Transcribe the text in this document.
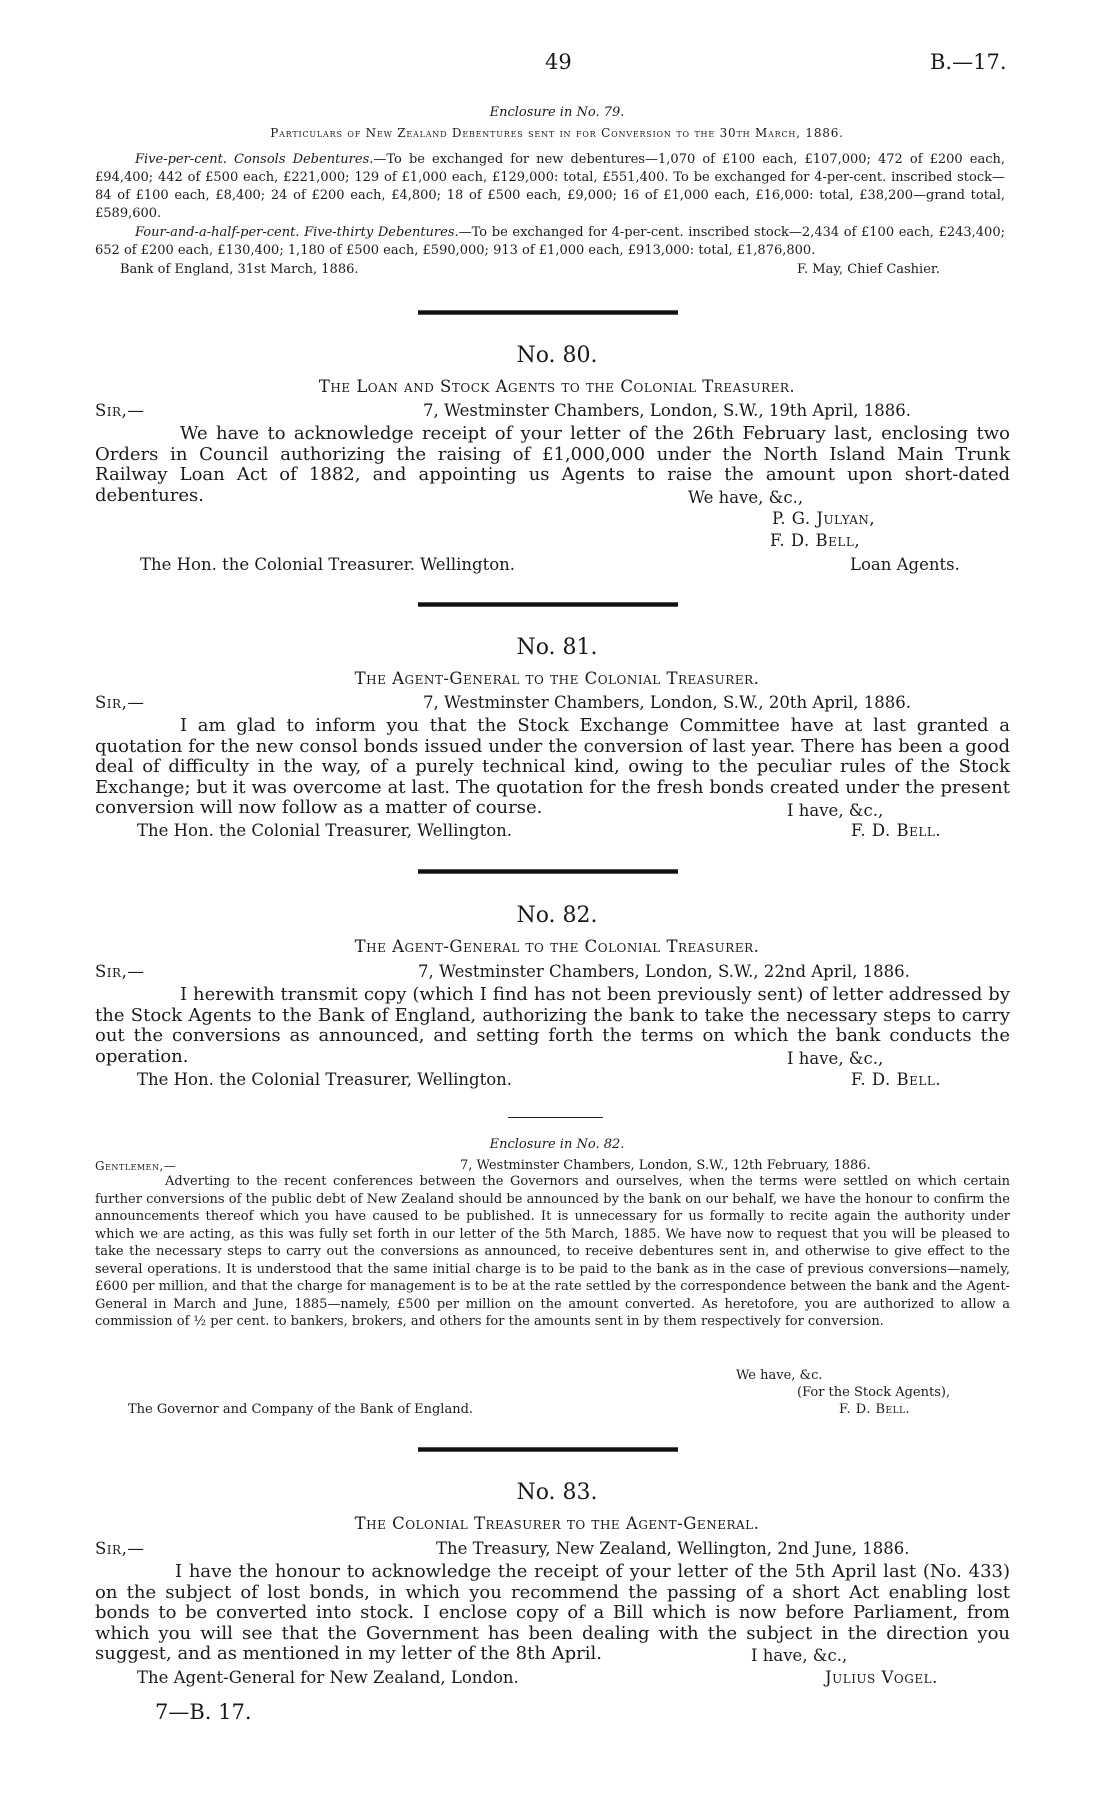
49	B.—17.
Enclosure in No. 79.
Particulars of New Zealand Debentures sent in for Conversion to the 30th March, 1886.
Five-per-cent. Consols Debentures.—To be exchanged for new debentures—1,070 of £100 each, £107,000; 472 of £200 each, £94,400; 442 of £500 each, £221,000; 129 of £1,000 each, £129,000: total, £551,400. To be exchanged for 4-per-cent. inscribed stock—84 of £100 each, £8,400; 24 of £200 each, £4,800; 18 of £500 each, £9,000; 16 of £1,000 each, £16,000: total, £38,200—grand total, £589,600.
Four-and-a-half-per-cent. Five-thirty Debentures.—To be exchanged for 4-per-cent. inscribed stock—2,434 of £100 each, £243,400; 652 of £200 each, £130,400; 1,180 of £500 each, £590,000; 913 of £1,000 each, £913,000: total, £1,876,800.
Bank of England, 31st March, 1886.	F. May, Chief Cashier.
No. 80.
The Loan and Stock Agents to the Colonial Treasurer.
Sir,—	7, Westminster Chambers, London, S.W., 19th April, 1886.
We have to acknowledge receipt of your letter of the 26th February last, enclosing two Orders in Council authorizing the raising of £1,000,000 under the North Island Main Trunk Railway Loan Act of 1882, and appointing us Agents to raise the amount upon short-dated debentures.	We have, &c.,
P. G. Julyan,
F. D. Bell,
The Hon. the Colonial Treasurer. Wellington.	Loan Agents.
No. 81.
The Agent-General to the Colonial Treasurer.
Sir,—	7, Westminster Chambers, London, S.W., 20th April, 1886.
I am glad to inform you that the Stock Exchange Committee have at last granted a quotation for the new consol bonds issued under the conversion of last year. There has been a good deal of difficulty in the way, of a purely technical kind, owing to the peculiar rules of the Stock Exchange; but it was overcome at last. The quotation for the fresh bonds created under the present conversion will now follow as a matter of course.	I have, &c.,
The Hon. the Colonial Treasurer, Wellington.	F. D. Bell.
No. 82.
The Agent-General to the Colonial Treasurer.
Sir,—	7, Westminster Chambers, London, S.W., 22nd April, 1886.
I herewith transmit copy (which I find has not been previously sent) of letter addressed by the Stock Agents to the Bank of England, authorizing the bank to take the necessary steps to carry out the conversions as announced, and setting forth the terms on which the bank conducts the operation.	I have, &c.,
The Hon. the Colonial Treasurer, Wellington.	F. D. Bell.
Enclosure in No. 82.
Gentlemen,—	7, Westminster Chambers, London, S.W., 12th February, 1886.
Adverting to the recent conferences between the Governors and ourselves, when the terms were settled on which certain further conversions of the public debt of New Zealand should be announced by the bank on our behalf, we have the honour to confirm the announcements thereof which you have caused to be published. It is unnecessary for us formally to recite again the authority under which we are acting, as this was fully set forth in our letter of the 5th March, 1885. We have now to request that you will be pleased to take the necessary steps to carry out the conversions as announced, to receive debentures sent in, and otherwise to give effect to the several operations. It is understood that the same initial charge is to be paid to the bank as in the case of previous conversions—namely, £600 per million, and that the charge for management is to be at the rate settled by the correspondence between the bank and the Agent-General in March and June, 1885—namely, £500 per million on the amount converted. As heretofore, you are authorized to allow a commission of ½ per cent. to bankers, brokers, and others for the amounts sent in by them respectively for conversion.
We have, &c.
(For the Stock Agents),
The Governor and Company of the Bank of England.	F. D. Bell.
No. 83.
The Colonial Treasurer to the Agent-General.
Sir,—	The Treasury, New Zealand, Wellington, 2nd June, 1886.
I have the honour to acknowledge the receipt of your letter of the 5th April last (No. 433) on the subject of lost bonds, in which you recommend the passing of a short Act enabling lost bonds to be converted into stock. I enclose copy of a Bill which is now before Parliament, from which you will see that the Government has been dealing with the subject in the direction you suggest, and as mentioned in my letter of the 8th April.	I have, &c.,
The Agent-General for New Zealand, London.	Julius Vogel.
7—B. 17.
